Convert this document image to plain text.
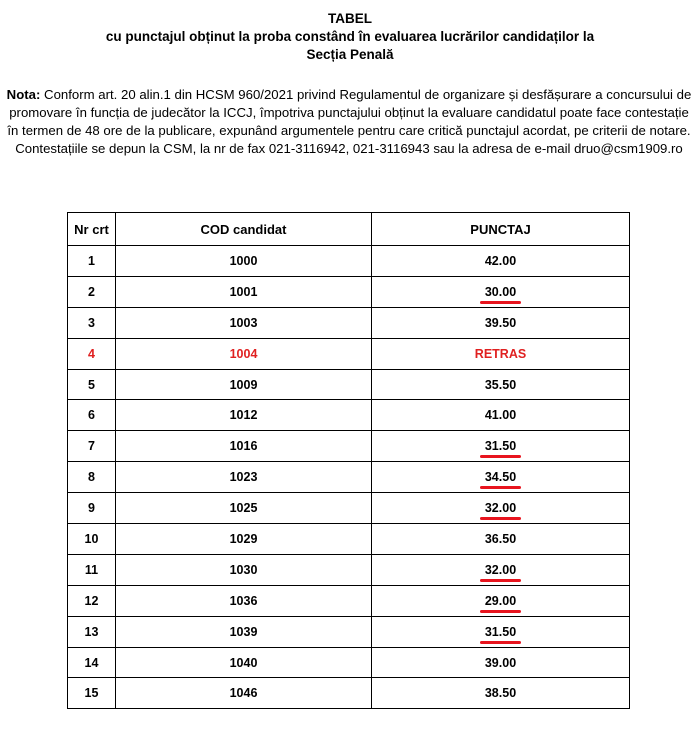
TABEL
cu punctajul obținut la proba constând în evaluarea lucrărilor candidaților la
Secția Penală
Nota: Conform art. 20 alin.1 din HCSM 960/2021 privind Regulamentul de organizare și desfășurare a concursului de promovare în funcția de judecător la ICCJ, împotriva punctajului obținut la evaluare candidatul poate face contestație în termen de 48 ore de la publicare, expunând argumentele pentru care critică punctajul acordat, pe criterii de notare. Contestațiile se depun la CSM, la nr de fax 021-3116942, 021-3116943 sau la adresa de e-mail druo@csm1909.ro
Nr crt	COD candidat	PUNCTAJ
1	1000	42.00
2	1001	30.00
3	1003	39.50
4	1004	RETRAS
5	1009	35.50
6	1012	41.00
7	1016	31.50
8	1023	34.50
9	1025	32.00
10	1029	36.50
11	1030	32.00
12	1036	29.00
13	1039	31.50
14	1040	39.00
15	1046	38.50
